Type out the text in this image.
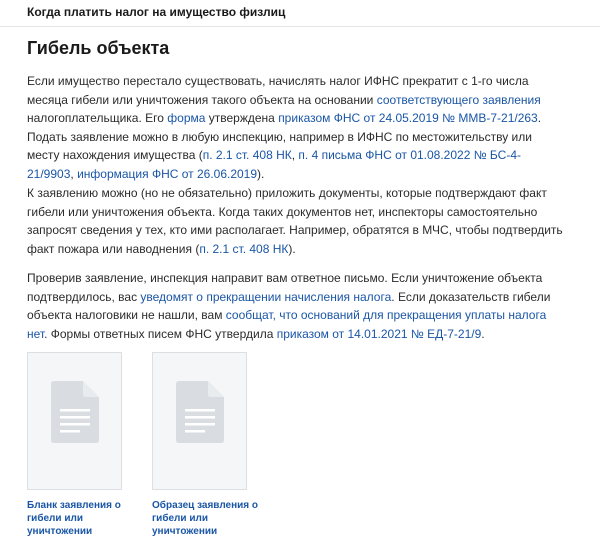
Когда платить налог на имущество физлиц
Гибель объекта

Если имущество перестало существовать, начислять налог ИФНС прекратит с 1-го числа месяца гибели или уничтожения такого объекта на основании соответствующего заявления налогоплательщика. Его форма утверждена приказом ФНС от 24.05.2019 № ММВ-7-21/263. Подать заявление можно в любую инспекцию, например в ИФНС по местожительству или месту нахождения имущества (п. 2.1 ст. 408 НК, п. 4 письма ФНС от 01.08.2022 № БС-4-21/9903, информация ФНС от 26.06.2019).

К заявлению можно (но не обязательно) приложить документы, которые подтверждают факт гибели или уничтожения объекта. Когда таких документов нет, инспекторы самостоятельно запросят сведения у тех, кто ими располагает. Например, обратятся в МЧС, чтобы подтвердить факт пожара или наводнения (п. 2.1 ст. 408 НК).

Проверив заявление, инспекция направит вам ответное письмо. Если уничтожение объекта подтвердилось, вас уведомят о прекращении начисления налога. Если доказательств гибели объекта налоговики не нашли, вам сообщат, что оснований для прекращения уплаты налога нет. Формы ответных писем ФНС утвердила приказом от 14.01.2021 № ЕД-7-21/9.

Бланк заявления о гибели или уничтожении

Образец заявления о гибели или уничтожении
